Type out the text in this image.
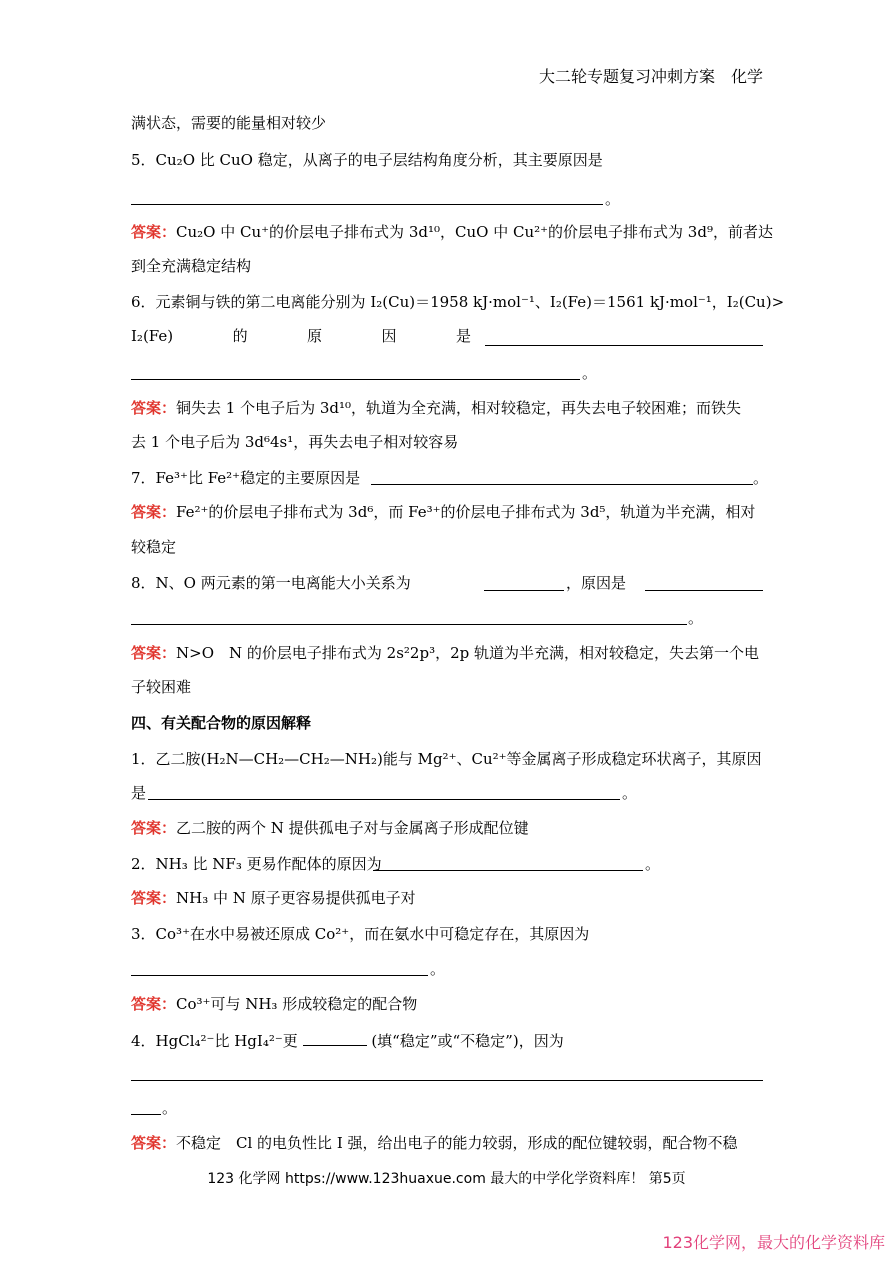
大二轮专题复习冲刺方案　化学
满状态，需要的能量相对较少
5．Cu₂O 比 CuO 稳定，从离子的电子层结构角度分析，其主要原因是
。
答案：Cu₂O 中 Cu⁺的价层电子排布式为 3d¹⁰，CuO 中 Cu²⁺的价层电子排布式为 3d⁹，前者达
到全充满稳定结构
6．元素铜与铁的第二电离能分别为 I₂(Cu)＝1958 kJ·mol⁻¹、I₂(Fe)＝1561 kJ·mol⁻¹，I₂(Cu)>
I₂(Fe)	的	原	因	是
。
答案：铜失去 1 个电子后为 3d¹⁰，轨道为全充满，相对较稳定，再失去电子较困难；而铁失
去 1 个电子后为 3d⁶4s¹，再失去电子相对较容易
7．Fe³⁺比 Fe²⁺稳定的主要原因是	。
答案：Fe²⁺的价层电子排布式为 3d⁶，而 Fe³⁺的价层电子排布式为 3d⁵，轨道为半充满，相对
较稳定
8．N、O 两元素的第一电离能大小关系为	，原因是
。
答案：N>O　N 的价层电子排布式为 2s²2p³，2p 轨道为半充满，相对较稳定，失去第一个电
子较困难
四、有关配合物的原因解释
1．乙二胺(H₂N—CH₂—CH₂—NH₂)能与 Mg²⁺、Cu²⁺等金属离子形成稳定环状离子，其原因
是	。
答案：乙二胺的两个 N 提供孤电子对与金属离子形成配位键
2．NH₃ 比 NF₃ 更易作配体的原因为	。
答案：NH₃ 中 N 原子更容易提供孤电子对
3．Co³⁺在水中易被还原成 Co²⁺，而在氨水中可稳定存在，其原因为
。
答案：Co³⁺可与 NH₃ 形成较稳定的配合物
4．HgCl₄²⁻比 HgI₄²⁻更	(填“稳定”或“不稳定”)，因为
。
答案：不稳定　Cl 的电负性比 I 强，给出电子的能力较弱，形成的配位键较弱，配合物不稳
123 化学网 https://www.123huaxue.com 最大的中学化学资料库！ 第5页
123化学网，最大的化学资料库
